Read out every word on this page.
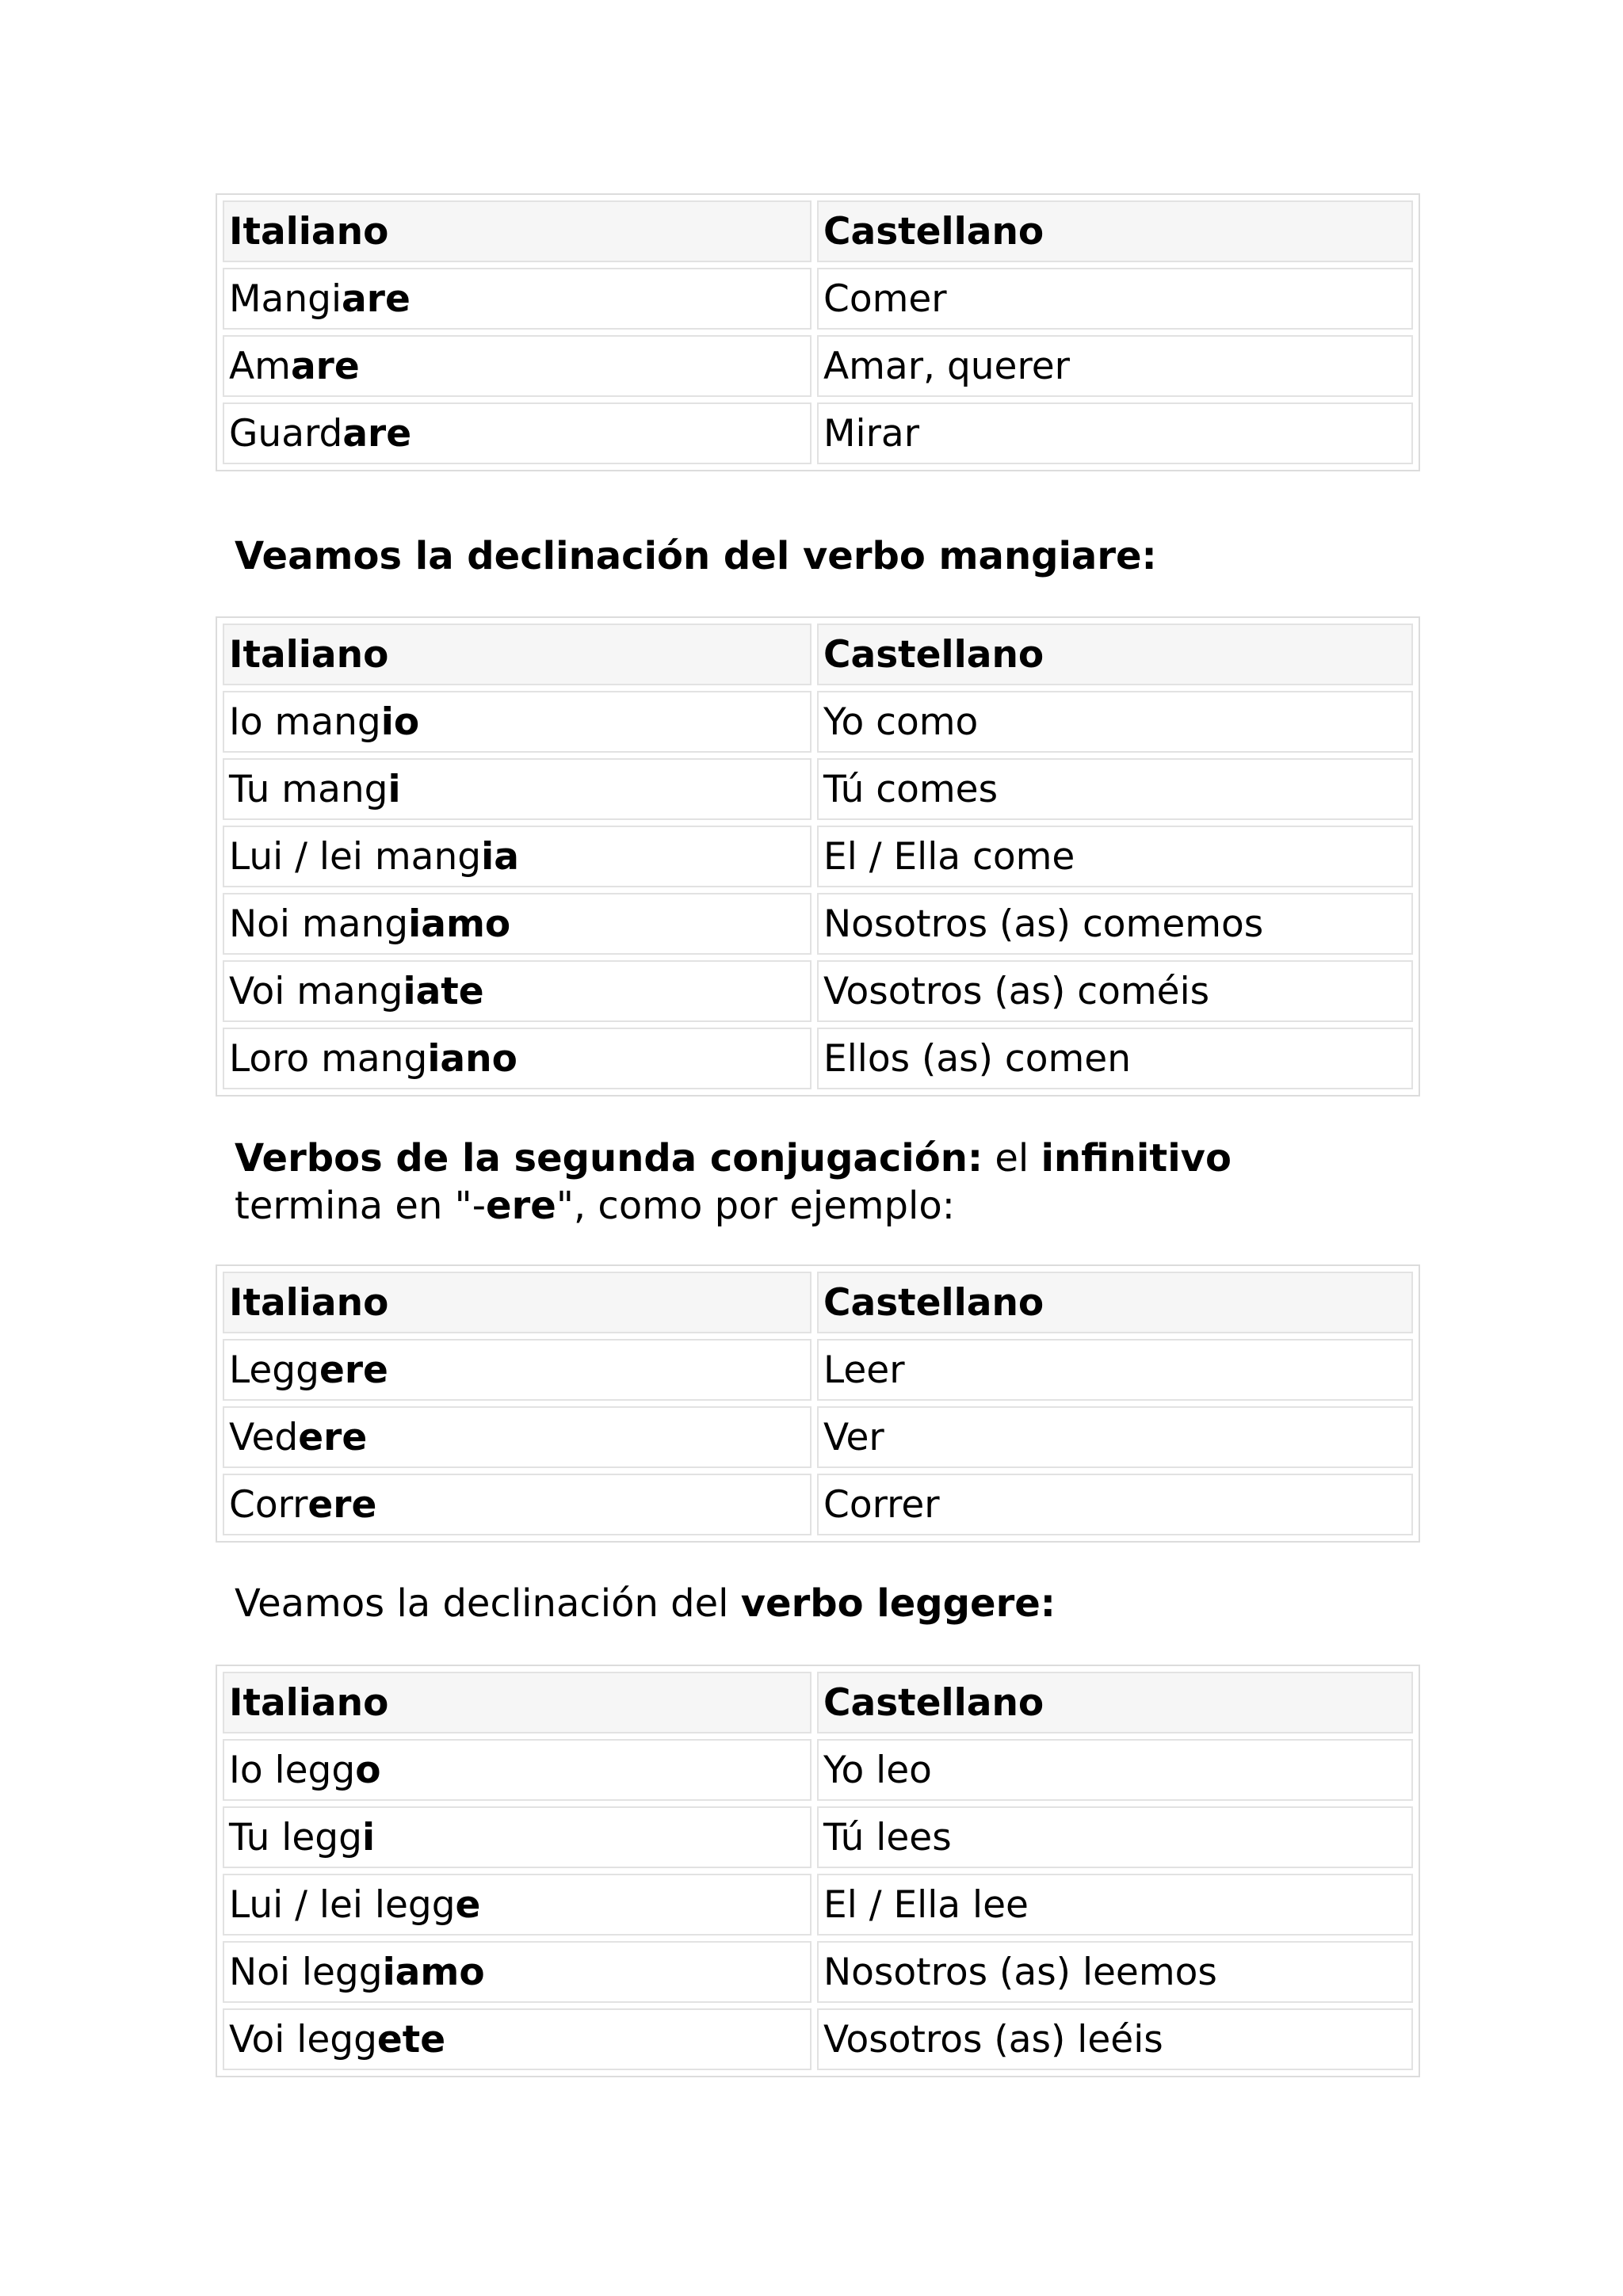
Italiano	Castellano
Mangi are	Comer
Am are	Amar, querer
Guard are	Mirar
Veamos la declinación del verbo mangiare:
Italiano	Castellano
Io mang io	Yo como
Tu mang i	Tú comes
Lui / lei mang ia	El / Ella come
Noi mang iamo	Nosotros (as) comemos
Voi mang iate	Vosotros (as) coméis
Loro mang iano	Ellos (as) comen
Verbos de la segunda conjugación: el infinitivo
termina en "-ere", como por ejemplo:
Italiano	Castellano
Legg ere	Leer
Ved ere	Ver
Corr ere	Correr
Veamos la declinación del verbo leggere:
Italiano	Castellano
Io legg o	Yo leo
Tu legg i	Tú lees
Lui / lei legg e	El / Ella lee
Noi legg iamo	Nosotros (as) leemos
Voi legg ete	Vosotros (as) leéis
